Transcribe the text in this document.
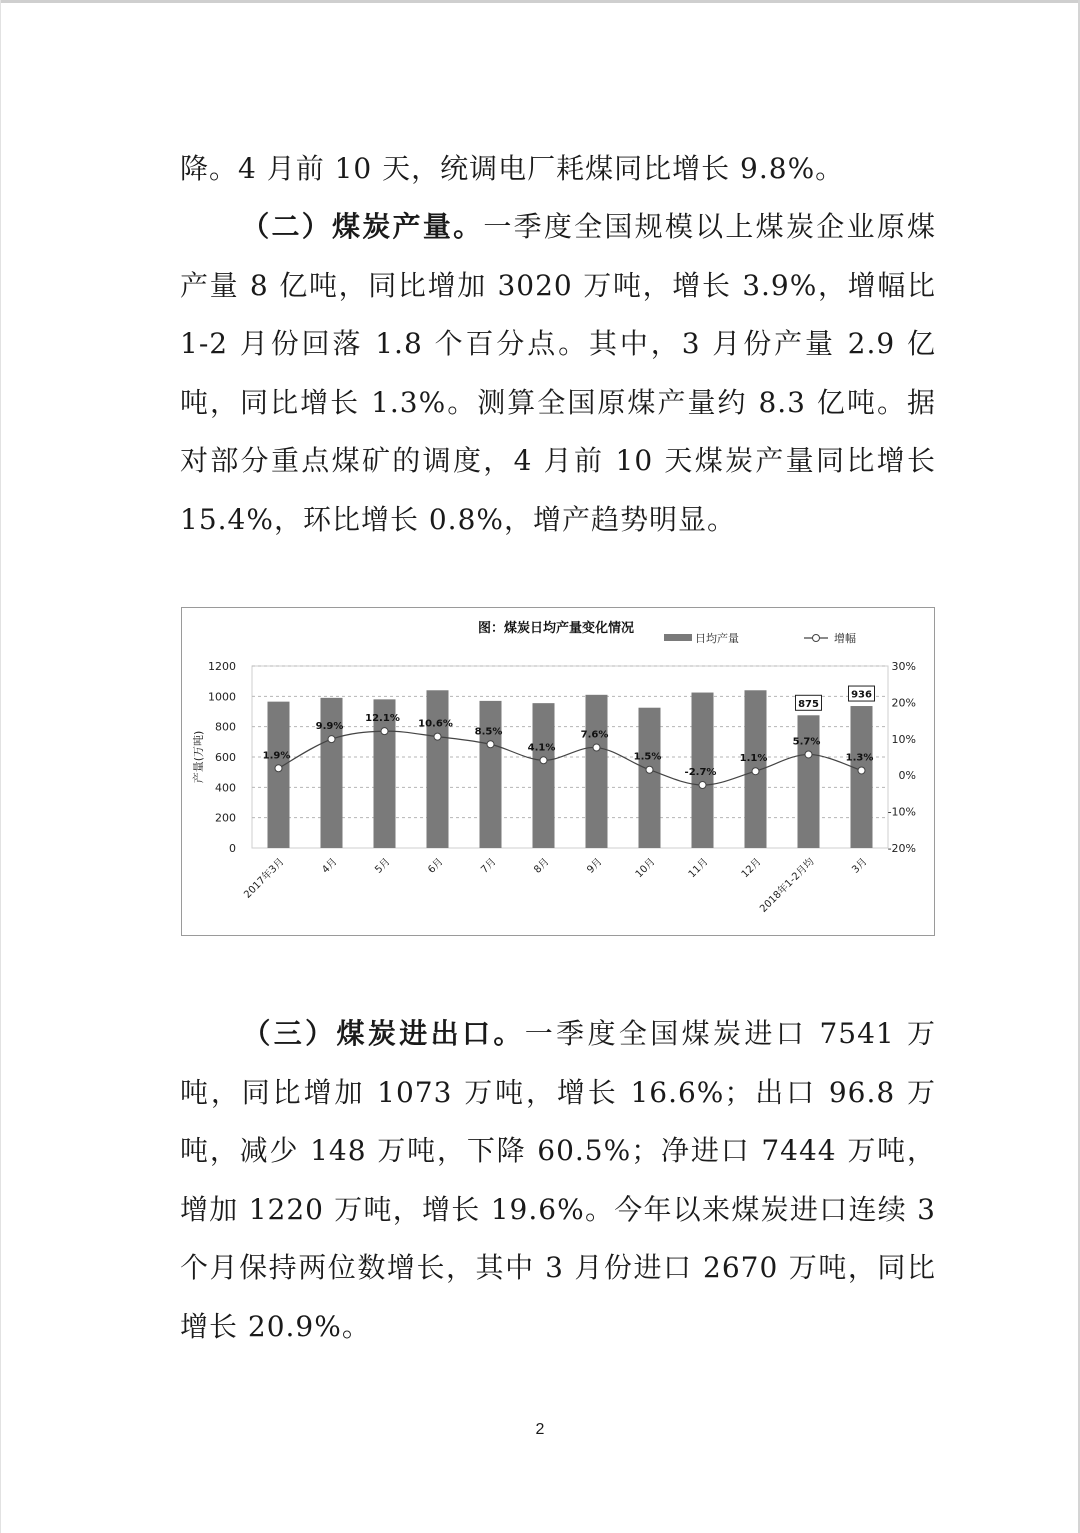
降。4 月前 10 天，统调电厂耗煤同比增长 9.8%。

（二）煤炭产量。一季度全国规模以上煤炭企业原煤产量 8 亿吨，同比增加 3020 万吨，增长 3.9%，增幅比 1-2 月份回落 1.8 个百分点。其中，3 月份产量 2.9 亿吨，同比增长 1.3%。测算全国原煤产量约 8.3 亿吨。据对部分重点煤矿的调度，4 月前 10 天煤炭产量同比增长 15.4%，环比增长 0.8%，增产趋势明显。

0
200
400
600
800
1000
1200
-20%
-10%
0%
10%
20%
30%
产量(万吨)
图：煤炭日均产量变化情况
日均产量	增幅
875
936
1.9%
9.9%
12.1% 10.6%
8.5%
4.1%
7.6%
1.5%
-2.7%
1.1%
5.7%
1.3%
2017年3月	4月	5月	6月	7月	8月	9月	10月	11月	12月
2018年1-2月均	3月

（三）煤炭进出口。一季度全国煤炭进口 7541 万吨，同比增加 1073 万吨，增长 16.6%；出口 96.8 万吨，减少 148 万吨，下降 60.5%；净进口 7444 万吨，增加 1220 万吨，增长 19.6%。今年以来煤炭进口连续 3 个月保持两位数增长，其中 3 月份进口 2670 万吨，同比增长 20.9%。

2
